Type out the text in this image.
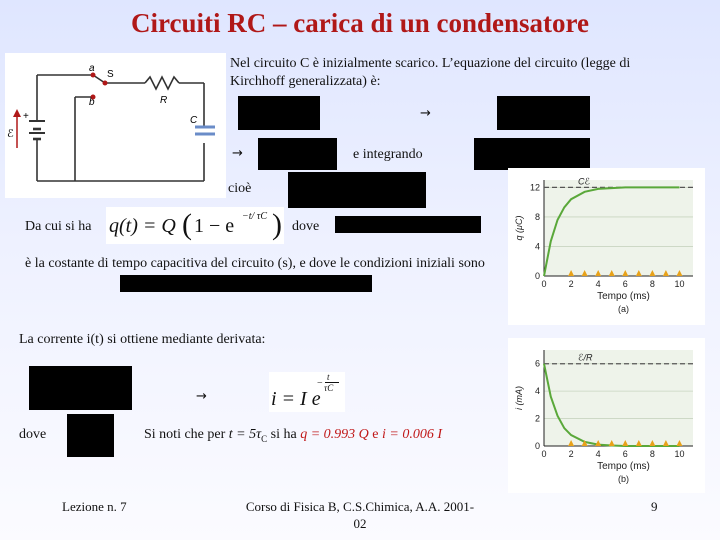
Circuiti RC – carica di un condensatore
a
b
S
R
C
ℰ
+
Nel circuito C è inizialmente scarico. L’equazione del circuito (legge di Kirchhoff generalizzata) è:
→
→	e integrando
cioè
Da cui si ha q(t) = Q ( 1 − e −t/ τC ) dove
è la costante di tempo capacitiva del circuito (s), e dove le condizioni iniziali sono
La corrente i(t) si ottiene mediante derivata:
→	i = I e
−
t
τC
dove	Si noti che per $t = 5\tau_C$ si ha q = 0.993 Q e i = 0.006 I
0
4
8
12
0 2 4 6 8 10
Cℰ
Tempo (ms)
q (μC)
(a)
0
2
4
6
0 2 4 6 8 10
ℰ/R
Tempo (ms)
i (mA)
(b)
Lezione n. 7	Corso di Fisica B, C.S.Chimica, A.A. 2001-02
9
